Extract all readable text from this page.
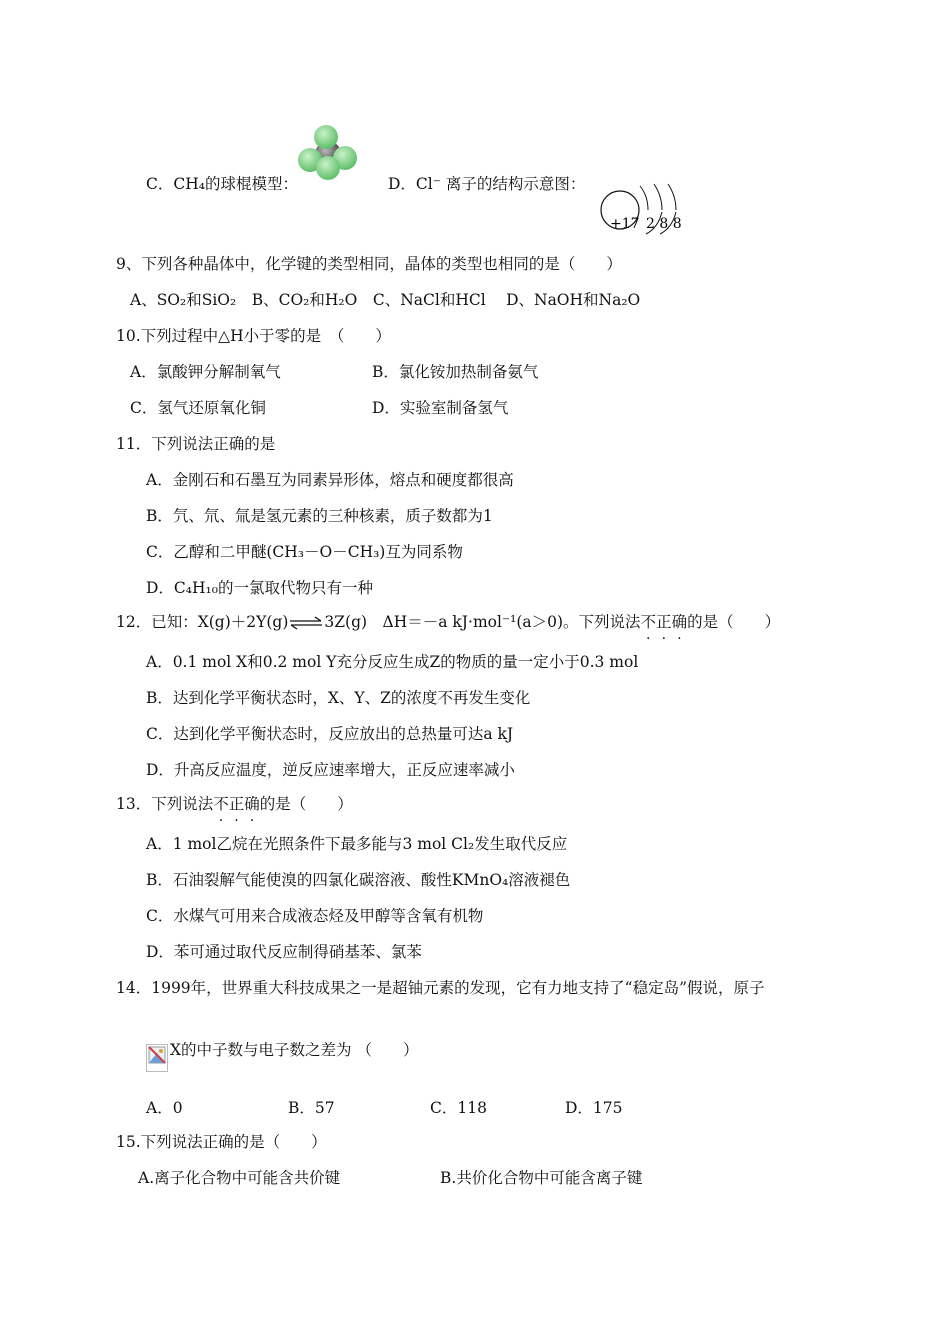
C．CH₄的球棍模型：	D．Cl⁻ 离子的结构示意图：
+17 2 8 8
9、下列各种晶体中，化学键的类型相同，晶体的类型也相同的是（　　）
A、SO₂和SiO₂　B、CO₂和H₂O　C、NaCl和HCl　 D、NaOH和Na₂O
10.下列过程中△H小于零的是　（　　）
A．氯酸钾分解制氧气	B．氯化铵加热制备氨气
C．氢气还原氧化铜	D．实验室制备氢气
11．下列说法正确的是
A．金刚石和石墨互为同素异形体，熔点和硬度都很高
B．氕、氘、氚是氢元素的三种核素，质子数都为1
C．乙醇和二甲醚(CH₃－O－CH₃)互为同系物
D．C₄H₁₀的一氯取代物只有一种
12．已知：X(g)＋2Y(g)⇌3Z(g)　ΔH＝－a kJ·mol⁻¹(a＞0)。下列说法不正确的是（　　）
A．0.1 mol X和0.2 mol Y充分反应生成Z的物质的量一定小于0.3 mol
B．达到化学平衡状态时，X、Y、Z的浓度不再发生变化
C．达到化学平衡状态时，反应放出的总热量可达a kJ
D．升高反应温度，逆反应速率增大，正反应速率减小
13．下列说法不正确的是（　　）
A．1 mol乙烷在光照条件下最多能与3 mol Cl₂发生取代反应
B．石油裂解气能使溴的四氯化碳溶液、酸性KMnO₄溶液褪色
C．水煤气可用来合成液态烃及甲醇等含氧有机物
D．苯可通过取代反应制得硝基苯、氯苯
14．1999年，世界重大科技成果之一是超铀元素的发现，它有力地支持了“稳定岛”假说，原子
X的中子数与电子数之差为 （　　）
A．0	B．57	C．118	D．175
15.下列说法正确的是（　　）
A.离子化合物中可能含共价键	B.共价化合物中可能含离子键
